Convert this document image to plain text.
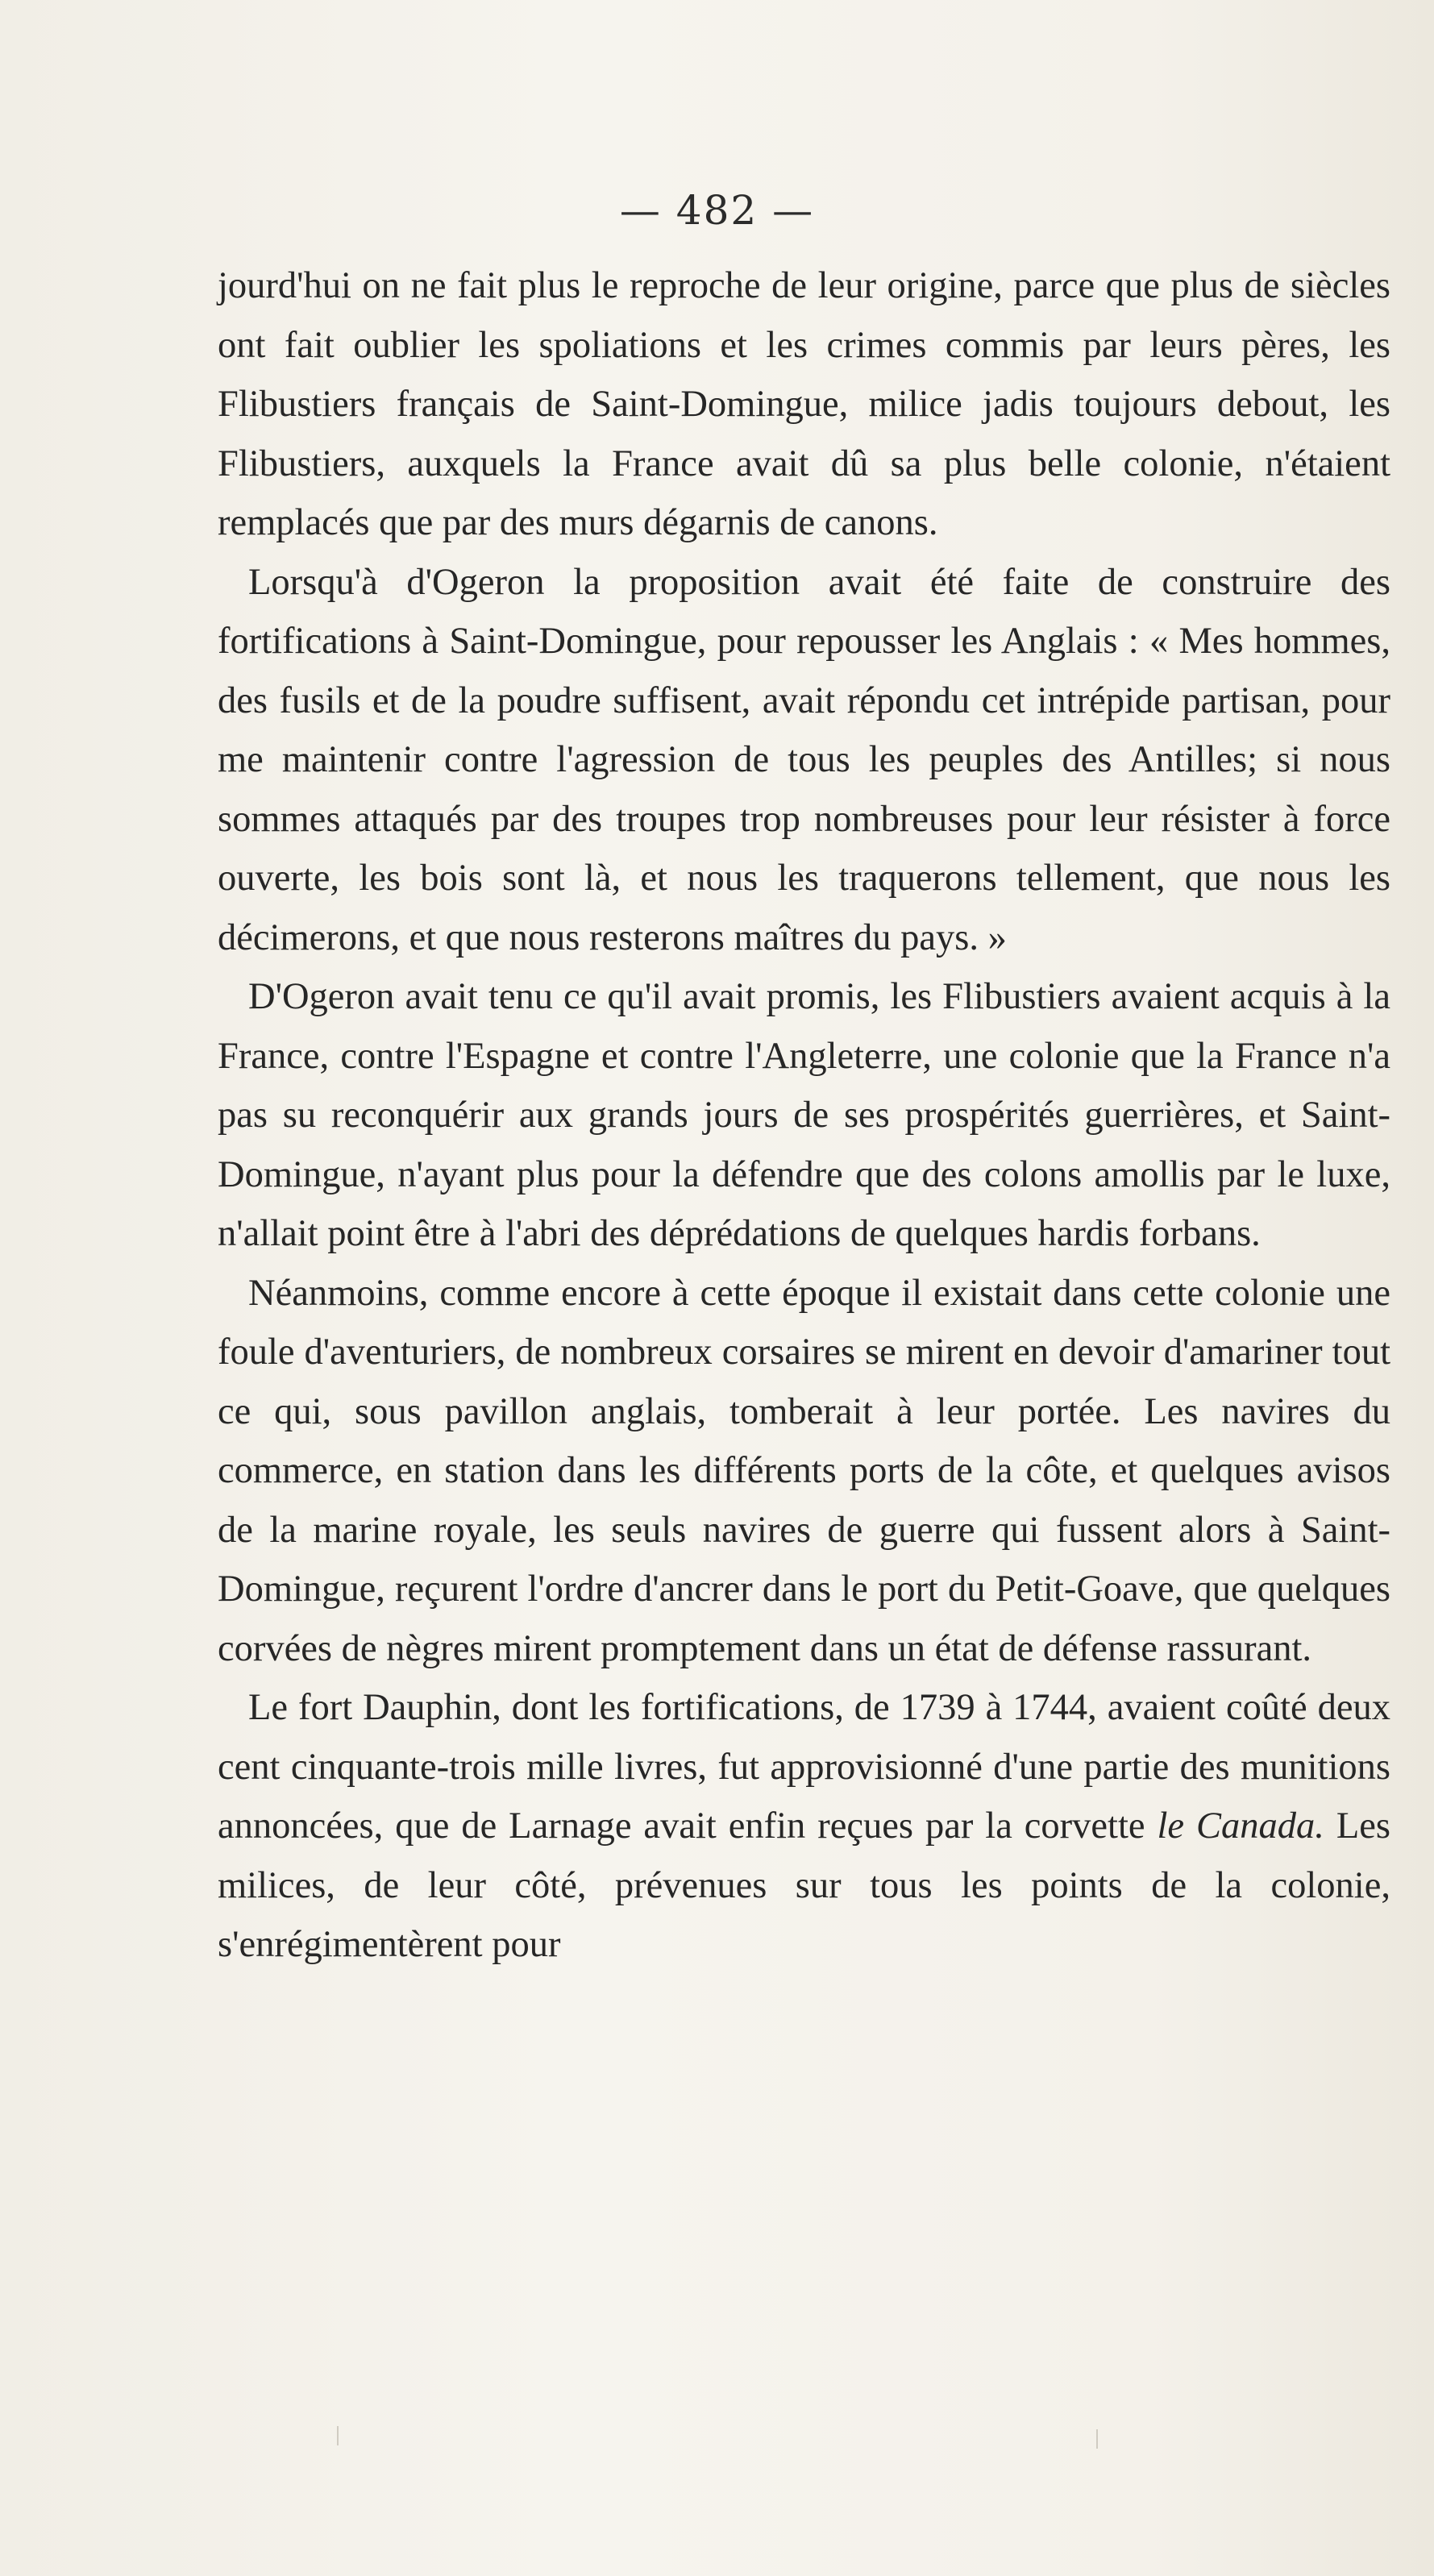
— 482 —

jourd'hui on ne fait plus le reproche de leur origine, parce que plus de siècles ont fait oublier les spoliations et les crimes commis par leurs pères, les Flibustiers français de Saint-Domingue, milice jadis toujours debout, les Flibustiers, auxquels la France avait dû sa plus belle colonie, n'étaient remplacés que par des murs dégarnis de canons.

Lorsqu'à d'Ogeron la proposition avait été faite de construire des fortifications à Saint-Domingue, pour repousser les Anglais : « Mes hommes, des fusils et de la poudre suffisent, avait répondu cet intrépide partisan, pour me maintenir contre l'agression de tous les peuples des Antilles; si nous sommes attaqués par des troupes trop nombreuses pour leur résister à force ouverte, les bois sont là, et nous les traquerons tellement, que nous les décimerons, et que nous resterons maîtres du pays. »

D'Ogeron avait tenu ce qu'il avait promis, les Flibustiers avaient acquis à la France, contre l'Espagne et contre l'Angleterre, une colonie que la France n'a pas su reconquérir aux grands jours de ses prospérités guerrières, et Saint-Domingue, n'ayant plus pour la défendre que des colons amollis par le luxe, n'allait point être à l'abri des déprédations de quelques hardis forbans.

Néanmoins, comme encore à cette époque il existait dans cette colonie une foule d'aventuriers, de nombreux corsaires se mirent en devoir d'amariner tout ce qui, sous pavillon anglais, tomberait à leur portée. Les navires du commerce, en station dans les différents ports de la côte, et quelques avisos de la marine royale, les seuls navires de guerre qui fussent alors à Saint-Domingue, reçurent l'ordre d'ancrer dans le port du Petit-Goave, que quelques corvées de nègres mirent promptement dans un état de défense rassurant.

Le fort Dauphin, dont les fortifications, de 1739 à 1744, avaient coûté deux cent cinquante-trois mille livres, fut approvisionné d'une partie des munitions annoncées, que de Larnage avait enfin reçues par la corvette le Canada. Les milices, de leur côté, prévenues sur tous les points de la colonie, s'enrégimentèrent pour
